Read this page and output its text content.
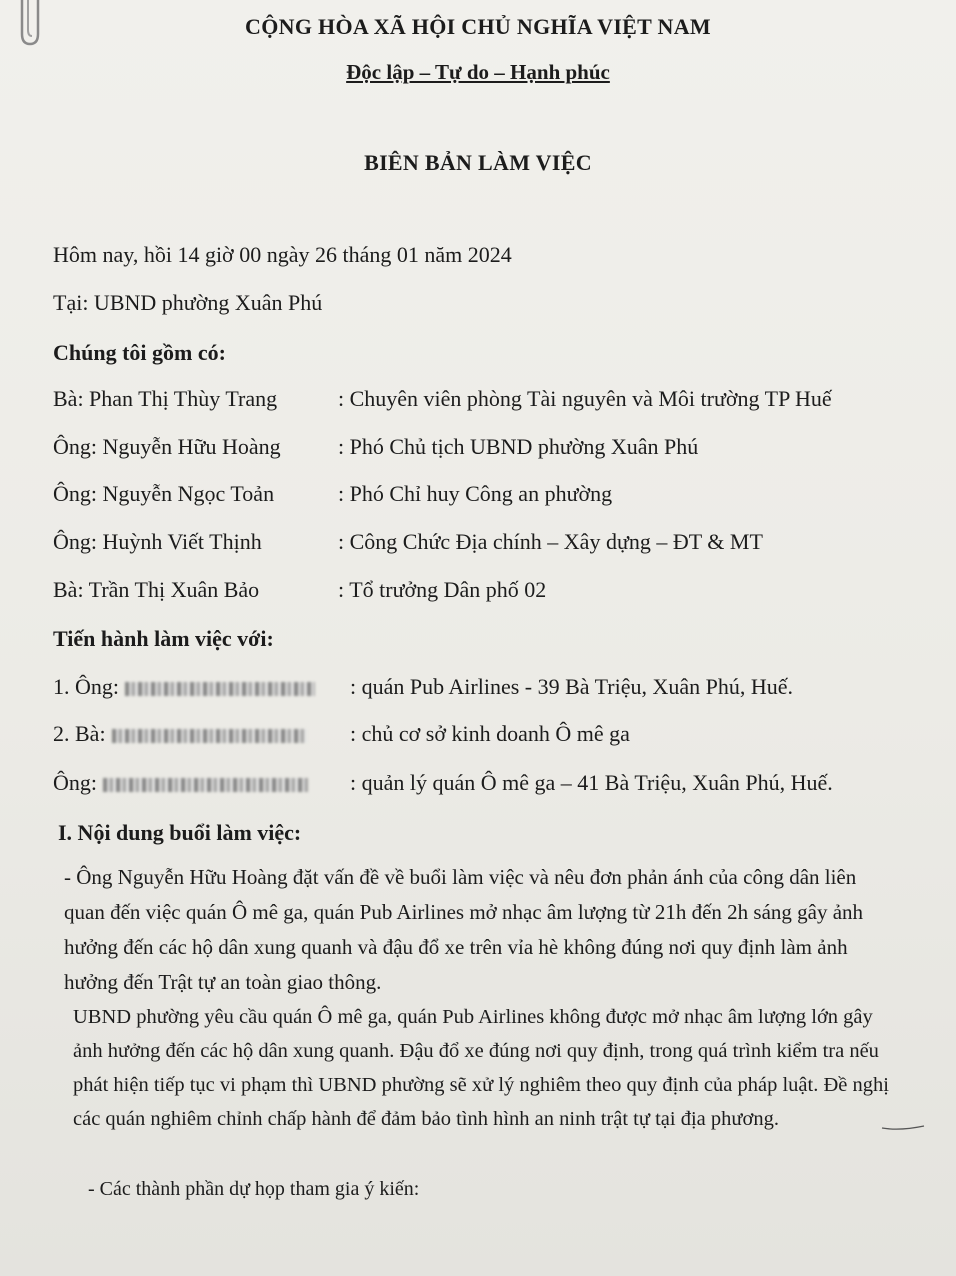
CỘNG HÒA XÃ HỘI CHỦ NGHĨA VIỆT NAM
Độc lập – Tự do – Hạnh phúc
BIÊN BẢN LÀM VIỆC
Hôm nay, hồi 14 giờ 00 ngày 26 tháng 01 năm 2024
Tại: UBND phường Xuân Phú
Chúng tôi gồm có:
Bà: Phan Thị Thùy Trang	: Chuyên viên phòng Tài nguyên và Môi trường TP Huế
Ông: Nguyễn Hữu Hoàng	: Phó Chủ tịch UBND phường Xuân Phú
Ông: Nguyễn Ngọc Toản	: Phó Chỉ huy Công an phường
Ông: Huỳnh Viết Thịnh	: Công Chức Địa chính – Xây dựng – ĐT & MT
Bà: Trần Thị Xuân Bảo	: Tổ trưởng Dân phố 02
Tiến hành làm việc với:
1. Ông:	: quán Pub Airlines - 39 Bà Triệu, Xuân Phú, Huế.
2. Bà:	: chủ cơ sở kinh doanh Ô mê ga
Ông:	: quản lý quán Ô mê ga – 41 Bà Triệu, Xuân Phú, Huế.
I. Nội dung buổi làm việc:
- Ông Nguyễn Hữu Hoàng đặt vấn đề về buổi làm việc và nêu đơn phản ánh của công dân liên quan đến việc quán Ô mê ga, quán Pub Airlines mở nhạc âm lượng từ 21h đến 2h sáng gây ảnh hưởng đến các hộ dân xung quanh và đậu đổ xe trên vỉa hè không đúng nơi quy định làm ảnh hưởng đến Trật tự an toàn giao thông.
UBND phường yêu cầu quán Ô mê ga, quán Pub Airlines không được mở nhạc âm lượng lớn gây ảnh hưởng đến các hộ dân xung quanh. Đậu đổ xe đúng nơi quy định, trong quá trình kiểm tra nếu phát hiện tiếp tục vi phạm thì UBND phường sẽ xử lý nghiêm theo quy định của pháp luật. Đề nghị các quán nghiêm chỉnh chấp hành để đảm bảo tình hình an ninh trật tự tại địa phương.
- Các thành phần dự họp tham gia ý kiến:
